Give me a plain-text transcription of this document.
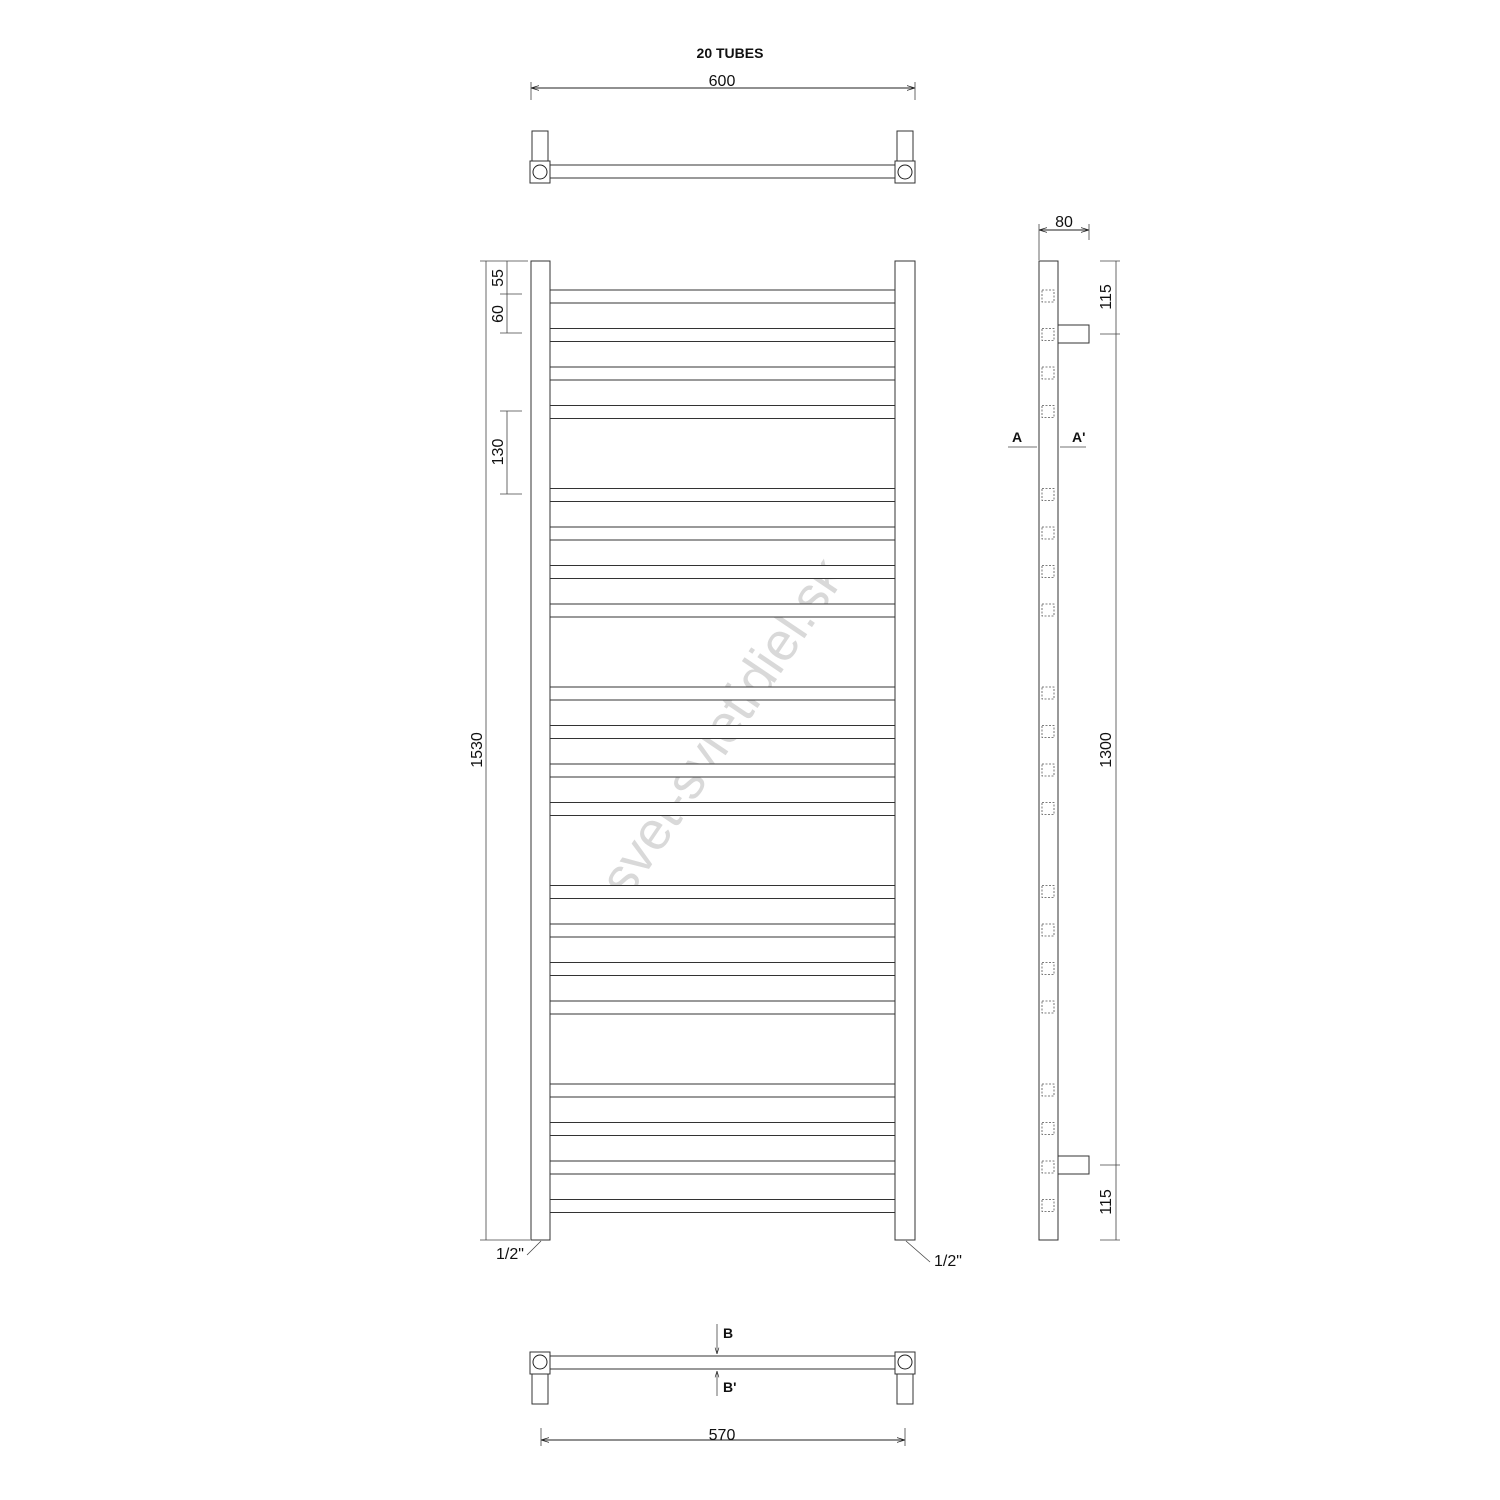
20 TUBES
600
1530
55
60
130
1/2"	1/2"
80
115
1300
115
A	A'
B
B'
570
